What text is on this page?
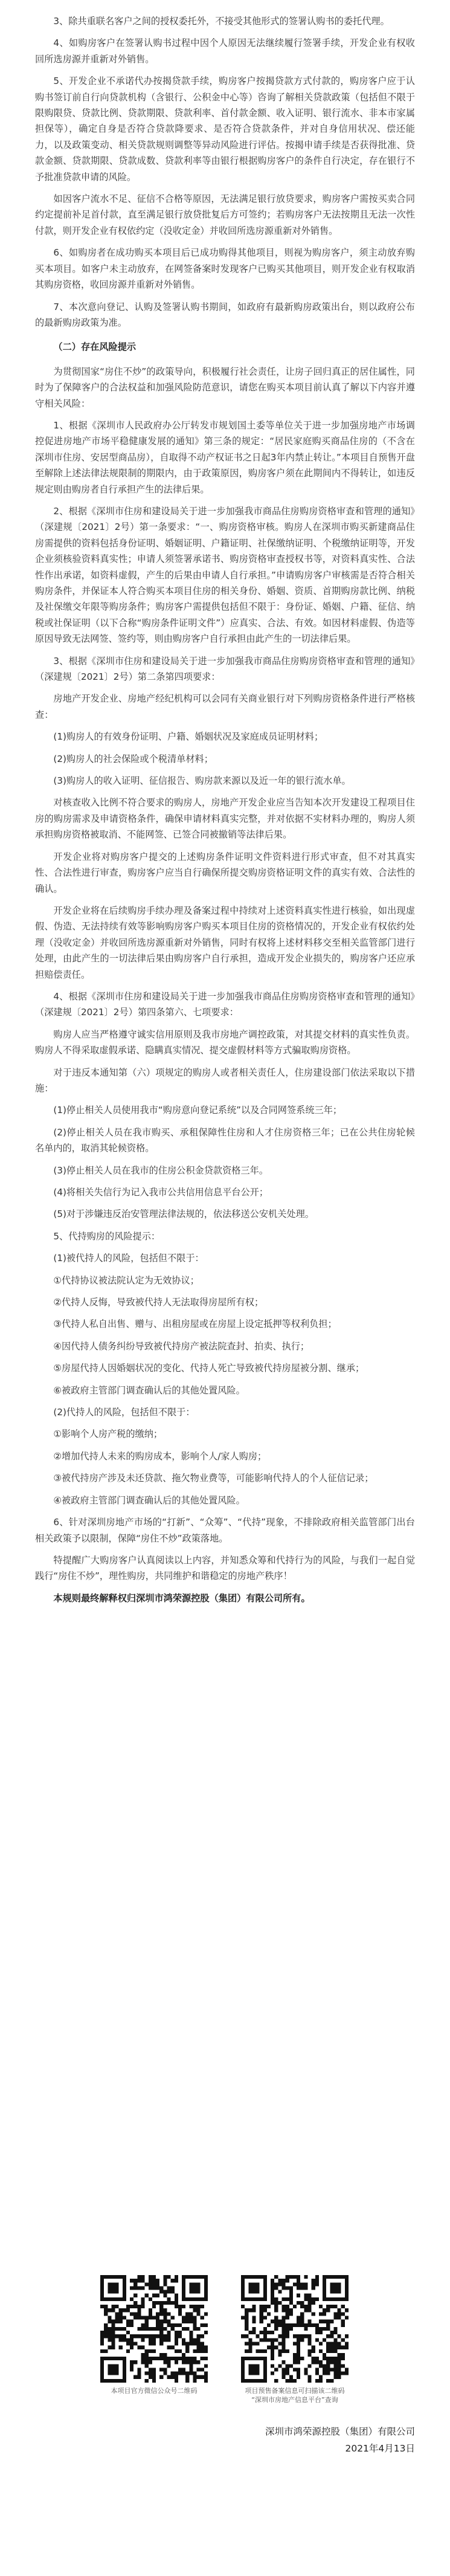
3、除共重联名客户之间的授权委托外，不接受其他形式的签署认购书的委托代理。

4、如购房客户在签署认购书过程中因个人原因无法继续履行签署手续，开发企业有权收回所选房源并重新对外销售。

5、开发企业不承诺代办按揭贷款手续，购房客户按揭贷款方式付款的，购房客户应于认购书签订前自行向贷款机构（含银行、公积金中心等）咨询了解相关贷款政策（包括但不限于限购限贷、贷款比例、贷款期限、贷款利率、首付款金额、收入证明、银行流水、非本市家属担保等），确定自身是否符合贷款降要求、是否符合贷款条件，并对自身信用状况、偿还能力，以及政策变动、相关贷款规则调整等异动风险进行评估。按揭申请手续是否获得批准、贷款金额、贷款期限、贷款成数、贷款利率等由银行根据购房客户的条件自行决定，存在银行不予批准贷款申请的风险。

如因客户流水不足、征信不合格等原因，无法满足银行放贷要求，购房客户需按买卖合同约定提前补足首付款，直至满足银行放贷批复后方可签约；若购房客户无法按期且无法一次性付款，则开发企业有权依约定（没收定金）并收回所选房源重新对外销售。

6、如购房者在成功购买本项目后已成功购得其他项目，则视为购房客户，须主动放弃购买本项目。如客户未主动放弃，在网签备案时发现客户已购买其他项目，则开发企业有权取消其购房资格，收回房源并重新对外销售。

7、本次意向登记、认购及签署认购书期间，如政府有最新购房政策出台，则以政府公布的最新购房政策为准。

（二）存在风险提示

为贯彻国家“房住不炒”的政策导向，积极履行社会责任，让房子回归真正的居住属性，同时为了保障客户的合法权益和加强风险防范意识，请您在购买本项目前认真了解以下内容并遵守相关风险：

1、根据《深圳市人民政府办公厅转发市规划国土委等单位关于进一步加强房地产市场调控促进房地产市场平稳健康发展的通知》第三条的规定：“居民家庭购买商品住房的（不含在深圳市住房、安居型商品房），自取得不动产权证书之日起3年内禁止转让。”本项目自预售开盘至解除上述法律法规限制的期限内，由于政策原因，购房客户须在此期间内不得转让，如违反规定则由购房者自行承担产生的法律后果。

2、根据《深圳市住房和建设局关于进一步加强我市商品住房购房资格审查和管理的通知》（深建规〔2021〕2号）第一条要求：“一、购房资格审核。购房人在深圳市购买新建商品住房需提供的资料包括身份证明、婚姻证明、户籍证明、社保缴纳证明、个税缴纳证明等，开发企业须核验资料真实性；申请人须签署承诺书、购房资格审查授权书等，对资料真实性、合法性作出承诺，如资料虚假，产生的后果由申请人自行承担。”申请购房客户审核需是否符合相关购房条件，并保证本人符合购买本项目住房的相关身份、婚姻、资质、首期购房款比例、纳税及社保缴交年限等购房条件；购房客户需提供包括但不限于：身份证、婚姻、户籍、征信、纳税或社保证明（以下合称“购房条件证明文件”）应真实、合法、有效。如因材料虚假、伪造等原因导致无法网签、签约等，则由购房客户自行承担由此产生的一切法律后果。

3、根据《深圳市住房和建设局关于进一步加强我市商品住房购房资格审查和管理的通知》（深建规〔2021〕2号）第二条第四项要求：

房地产开发企业、房地产经纪机构可以会同有关商业银行对下列购房资格条件进行严格核查：

(1)购房人的有效身份证明、户籍、婚姻状况及家庭成员证明材料；

(2)购房人的社会保险或个税清单材料；

(3)购房人的收入证明、征信报告、购房款来源以及近一年的银行流水单。

对核查收入比例不符合要求的购房人，房地产开发企业应当告知本次开发建设工程项目住房的购房需求及申请资格条件，确保申请材料真实完整，并对依据不实材料办理的，购房人须承担购房资格被取消、不能网签、已签合同被撤销等法律后果。

开发企业将对购房客户提交的上述购房条件证明文件资料进行形式审查，但不对其真实性、合法性进行审查，购房客户应当自行确保所提交购房资格证明文件的真实有效、合法性的确认。

开发企业将在后续购房手续办理及备案过程中持续对上述资料真实性进行核验，如出现虚假、伪造、无法持续有效等影响购房客户购买本项目住房的资格情况的，开发企业有权依约处理（没收定金）并收回所选房源重新对外销售，同时有权将上述材料移交至相关监管部门进行处理，由此产生的一切法律后果由购房客户自行承担，造成开发企业损失的，购房客户还应承担赔偿责任。

4、根据《深圳市住房和建设局关于进一步加强我市商品住房购房资格审查和管理的通知》（深建规〔2021〕2号）第四条第六、七项要求：

购房人应当严格遵守诚实信用原则及我市房地产调控政策，对其提交材料的真实性负责。购房人不得采取虚假承诺、隐瞒真实情况、提交虚假材料等方式骗取购房资格。

对于违反本通知第（六）项规定的购房人或者相关责任人，住房建设部门依法采取以下措施：

(1)停止相关人员使用我市“购房意向登记系统”以及合同网签系统三年；

(2)停止相关人员在我市购买、承租保障性住房和人才住房资格三年；已在公共住房轮候名单内的，取消其轮候资格。

(3)停止相关人员在我市的住房公积金贷款资格三年。

(4)将相关失信行为记入我市公共信用信息平台公开；

(5)对于涉嫌违反治安管理法律法规的，依法移送公安机关处理。

5、代持购房的风险提示：

(1)被代持人的风险，包括但不限于：

①代持协议被法院认定为无效协议；

②代持人反悔，导致被代持人无法取得房屋所有权；

③代持人私自出售、赠与、出租房屋或在房屋上设定抵押等权利负担；

④因代持人债务纠纷导致被代持房产被法院查封、拍卖、执行；

⑤房屋代持人因婚姻状况的变化、代持人死亡导致被代持房屋被分割、继承；

⑥被政府主管部门调查确认后的其他处置风险。

(2)代持人的风险，包括但不限于：

①影响个人房产税的缴纳；

②增加代持人未来的购房成本，影响个人/家人购房；

③被代持房产涉及未还贷款、拖欠物业费等，可能影响代持人的个人征信记录；

④被政府主管部门调查确认后的其他处置风险。

6、针对深圳房地产市场的“打新”、“众筹”、“代持”现象，不排除政府相关监管部门出台相关政策予以限制，保障“房住不炒”政策落地。

特提醒广大购房客户认真阅读以上内容，并知悉众筹和代持行为的风险，与我们一起自觉践行“房住不炒”，理性购房，共同维护和谐稳定的房地产秩序！

本规则最终解释权归深圳市鸿荣源控股（集团）有限公司所有。

本项目官方微信公众号二维码	项目预售备案信息可扫描该二维码
“深圳市房地产信息平台”查询
深圳市鸿荣源控股（集团）有限公司
2021年4月13日
